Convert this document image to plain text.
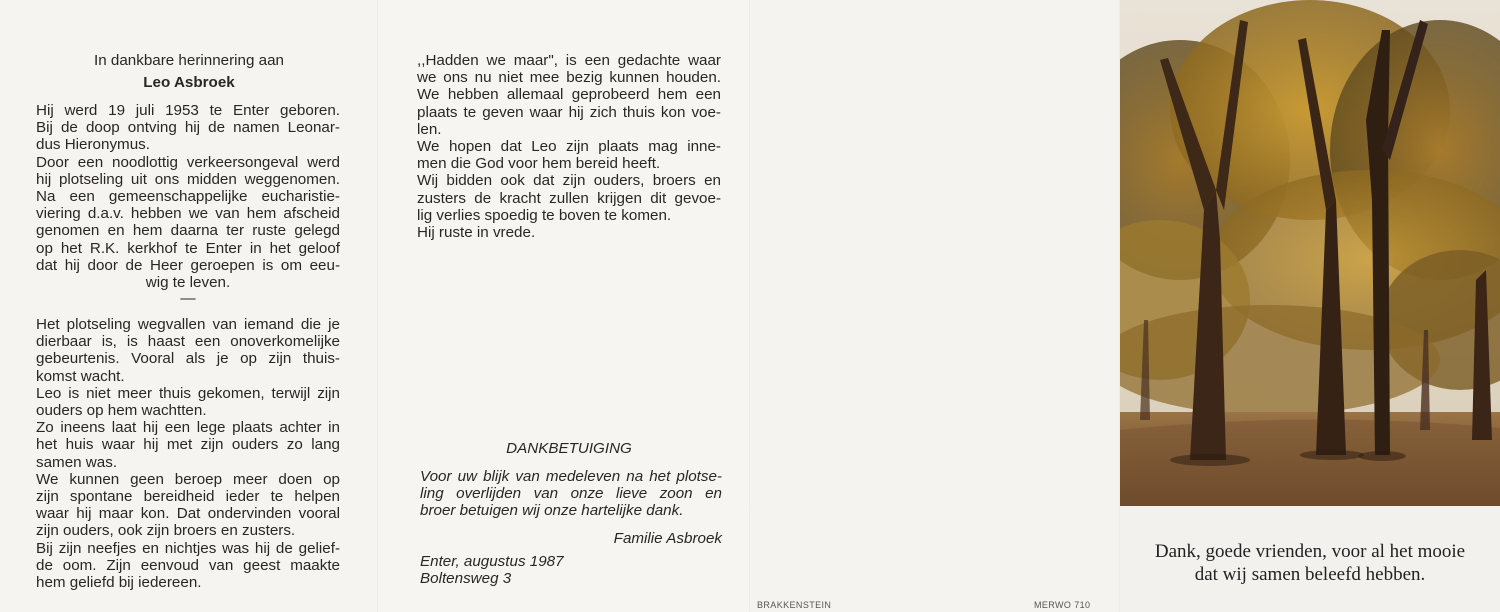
In dankbare herinnering aan
Leo Asbroek
Hij werd 19 juli 1953 te Enter geboren.
Bij de doop ontving hij de namen Leonar-
dus Hieronymus.
Door een noodlottig verkeersongeval werd
hij plotseling uit ons midden weggenomen.
Na een gemeenschappelijke eucharistie-
viering d.a.v. hebben we van hem afscheid
genomen en hem daarna ter ruste gelegd
op het R.K. kerkhof te Enter in het geloof
dat hij door de Heer geroepen is om eeu-
wig te leven.
—
Het plotseling wegvallen van iemand die je
dierbaar is, is haast een onoverkomelijke
gebeurtenis. Vooral als je op zijn thuis-
komst wacht.
Leo is niet meer thuis gekomen, terwijl zijn
ouders op hem wachtten.
Zo ineens laat hij een lege plaats achter in
het huis waar hij met zijn ouders zo lang
samen was.
We kunnen geen beroep meer doen op
zijn spontane bereidheid ieder te helpen
waar hij maar kon. Dat ondervinden vooral
zijn ouders, ook zijn broers en zusters.
Bij zijn neefjes en nichtjes was hij de gelief-
de oom. Zijn eenvoud van geest maakte
hem geliefd bij iedereen.
,,Hadden we maar", is een gedachte waar
we ons nu niet mee bezig kunnen houden.
We hebben allemaal geprobeerd hem een
plaats te geven waar hij zich thuis kon voe-
len.
We hopen dat Leo zijn plaats mag inne-
men die God voor hem bereid heeft.
Wij bidden ook dat zijn ouders, broers en
zusters de kracht zullen krijgen dit gevoe-
lig verlies spoedig te boven te komen.
Hij ruste in vrede.
DANKBETUIGING
Voor uw blijk van medeleven na het plotse-
ling overlijden van onze lieve zoon en
broer betuigen wij onze hartelijke dank.
Familie Asbroek
Enter, augustus 1987
Boltensweg 3
BRAKKENSTEIN	MERWO 710
Dank, goede vrienden, voor al het mooie
dat wij samen beleefd hebben.
